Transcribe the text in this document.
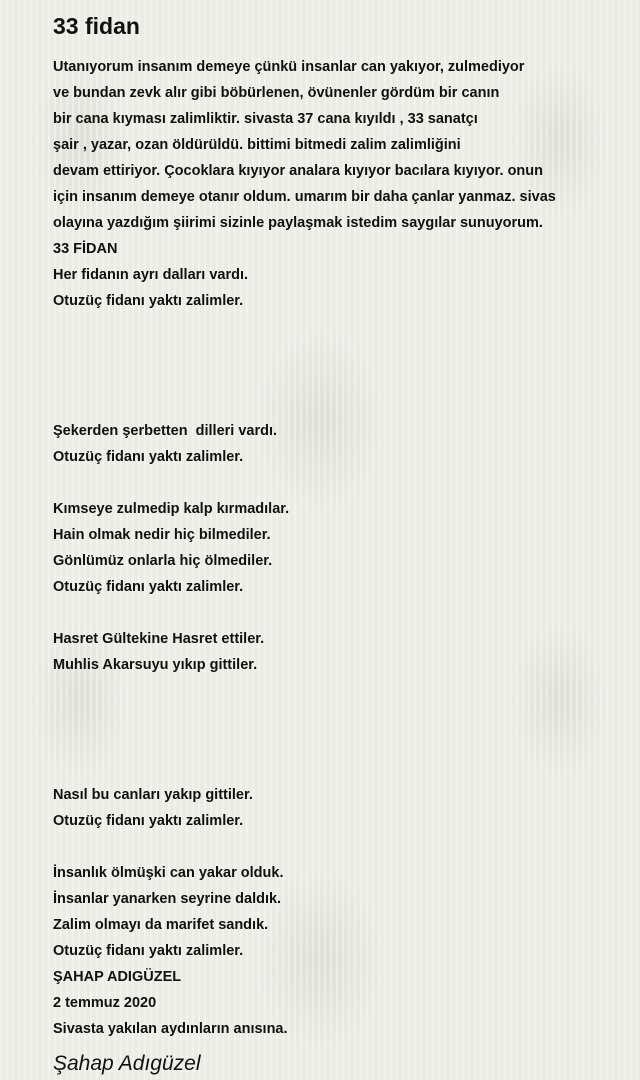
33 fidan
Utanıyorum insanım demeye çünkü insanlar can yakıyor, zulmediyor
ve bundan zevk alır gibi böbürlenen, övünenler gördüm bir canın
bir cana kıyması zalimliktir. sivasta 37 cana kıyıldı , 33 sanatçı
şair , yazar, ozan öldürüldü. bittimi bitmedi zalim zalimliğini
devam ettiriyor. Çocoklara kıyıyor analara kıyıyor bacılara kıyıyor. onun
için insanım demeye otanır oldum. umarım bir daha çanlar yanmaz. sivas
olayına yazdığım şiirimi sizinle paylaşmak istedim saygılar sunuyorum.
33 FİDAN
Her fidanın ayrı dalları vardı.
Otuzüç fidanı yaktı zalimler.
Şekerden şerbetten  dilleri vardı.
Otuzüç fidanı yaktı zalimler.
Kımseye zulmedip kalp kırmadılar.
Hain olmak nedir hiç bilmediler.
Gönlümüz onlarla hiç ölmediler.
Otuzüç fidanı yaktı zalimler.
Hasret Gültekine Hasret ettiler.
Muhlis Akarsuyu yıkıp gittiler.
Nasıl bu canları yakıp gittiler.
Otuzüç fidanı yaktı zalimler.
İnsanlık ölmüşki can yakar olduk.
İnsanlar yanarken seyrine daldık.
Zalim olmayı da marifet sandık.
Otuzüç fidanı yaktı zalimler.
ŞAHAP ADIGÜZEL
2 temmuz 2020
Sivasta yakılan aydınların anısına.
Şahap Adıgüzel
